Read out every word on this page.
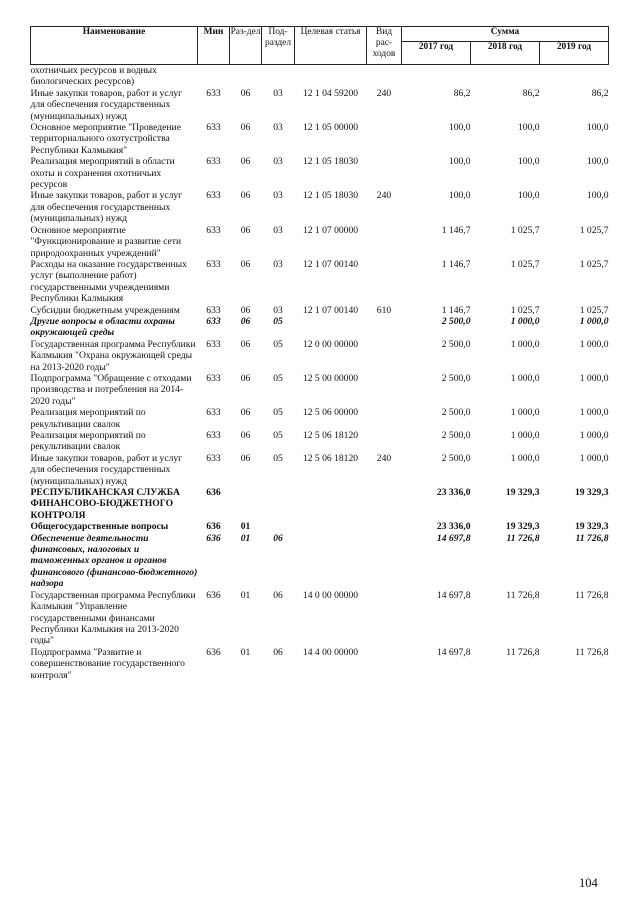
Наименование	Мин	Раз-дел	Под-раздел	Целевая статья	Вид рас-ходов	Сумма		
						2017 год	2018 год	2019 год
охотничьих ресурсов и водных биологических ресурсов)								
Иные закупки товаров, работ и услуг для обеспечения государственных (муниципальных) нужд	633	06	03	12 1 04 59200	240	86,2	86,2	86,2
Основное мероприятие "Проведение территориального охотустройства Республики Калмыкия"	633	06	03	12 1 05 00000		100,0	100,0	100,0
Реализация мероприятий в области охоты и сохранения охотничьих ресурсов	633	06	03	12 1 05 18030		100,0	100,0	100,0
Иные закупки товаров, работ и услуг для обеспечения государственных (муниципальных) нужд	633	06	03	12 1 05 18030	240	100,0	100,0	100,0
Основное мероприятие "Функционирование и развитие сети природоохранных учреждений"	633	06	03	12 1 07 00000		1 146,7	1 025,7	1 025,7
Расходы на оказание государственных услуг (выполнение работ) государственными учреждениями Республики Калмыкия	633	06	03	12 1 07 00140		1 146,7	1 025,7	1 025,7
Субсидии бюджетным учреждениям	633	06	03	12 1 07 00140	610	1 146,7	1 025,7	1 025,7
Другие вопросы в области охраны окружающей среды	633	06	05			2 500,0	1 000,0	1 000,0
Государственная программа Республики Калмыкия "Охрана окружающей среды на 2013-2020 годы"	633	06	05	12 0 00 00000		2 500,0	1 000,0	1 000,0
Подпрограмма "Обращение с отходами производства и потребления на 2014-2020 годы"	633	06	05	12 5 00 00000		2 500,0	1 000,0	1 000,0
Реализация мероприятий по рекультивации свалок	633	06	05	12 5 06 00000		2 500,0	1 000,0	1 000,0
Реализация мероприятий по рекультивации свалок	633	06	05	12 5 06 18120		2 500,0	1 000,0	1 000,0
Иные закупки товаров, работ и услуг для обеспечения государственных (муниципальных) нужд	633	06	05	12 5 06 18120	240	2 500,0	1 000,0	1 000,0
РЕСПУБЛИКАНСКАЯ СЛУЖБА ФИНАНСОВО-БЮДЖЕТНОГО КОНТРОЛЯ	636					23 336,0	19 329,3	19 329,3
Общегосударственные вопросы	636	01				23 336,0	19 329,3	19 329,3
Обеспечение деятельности финансовых, налоговых и таможенных органов и органов финансового (финансово-бюджетного) надзора	636	01	06			14 697,8	11 726,8	11 726,8
Государственная программа Республики Калмыкия "Управление государственными финансами Республики Калмыкия на 2013-2020 годы"	636	01	06	14 0 00 00000		14 697,8	11 726,8	11 726,8
Подпрограмма "Развитие и совершенствование государственного контроля"	636	01	06	14 4 00 00000		14 697,8	11 726,8	11 726,8
104
